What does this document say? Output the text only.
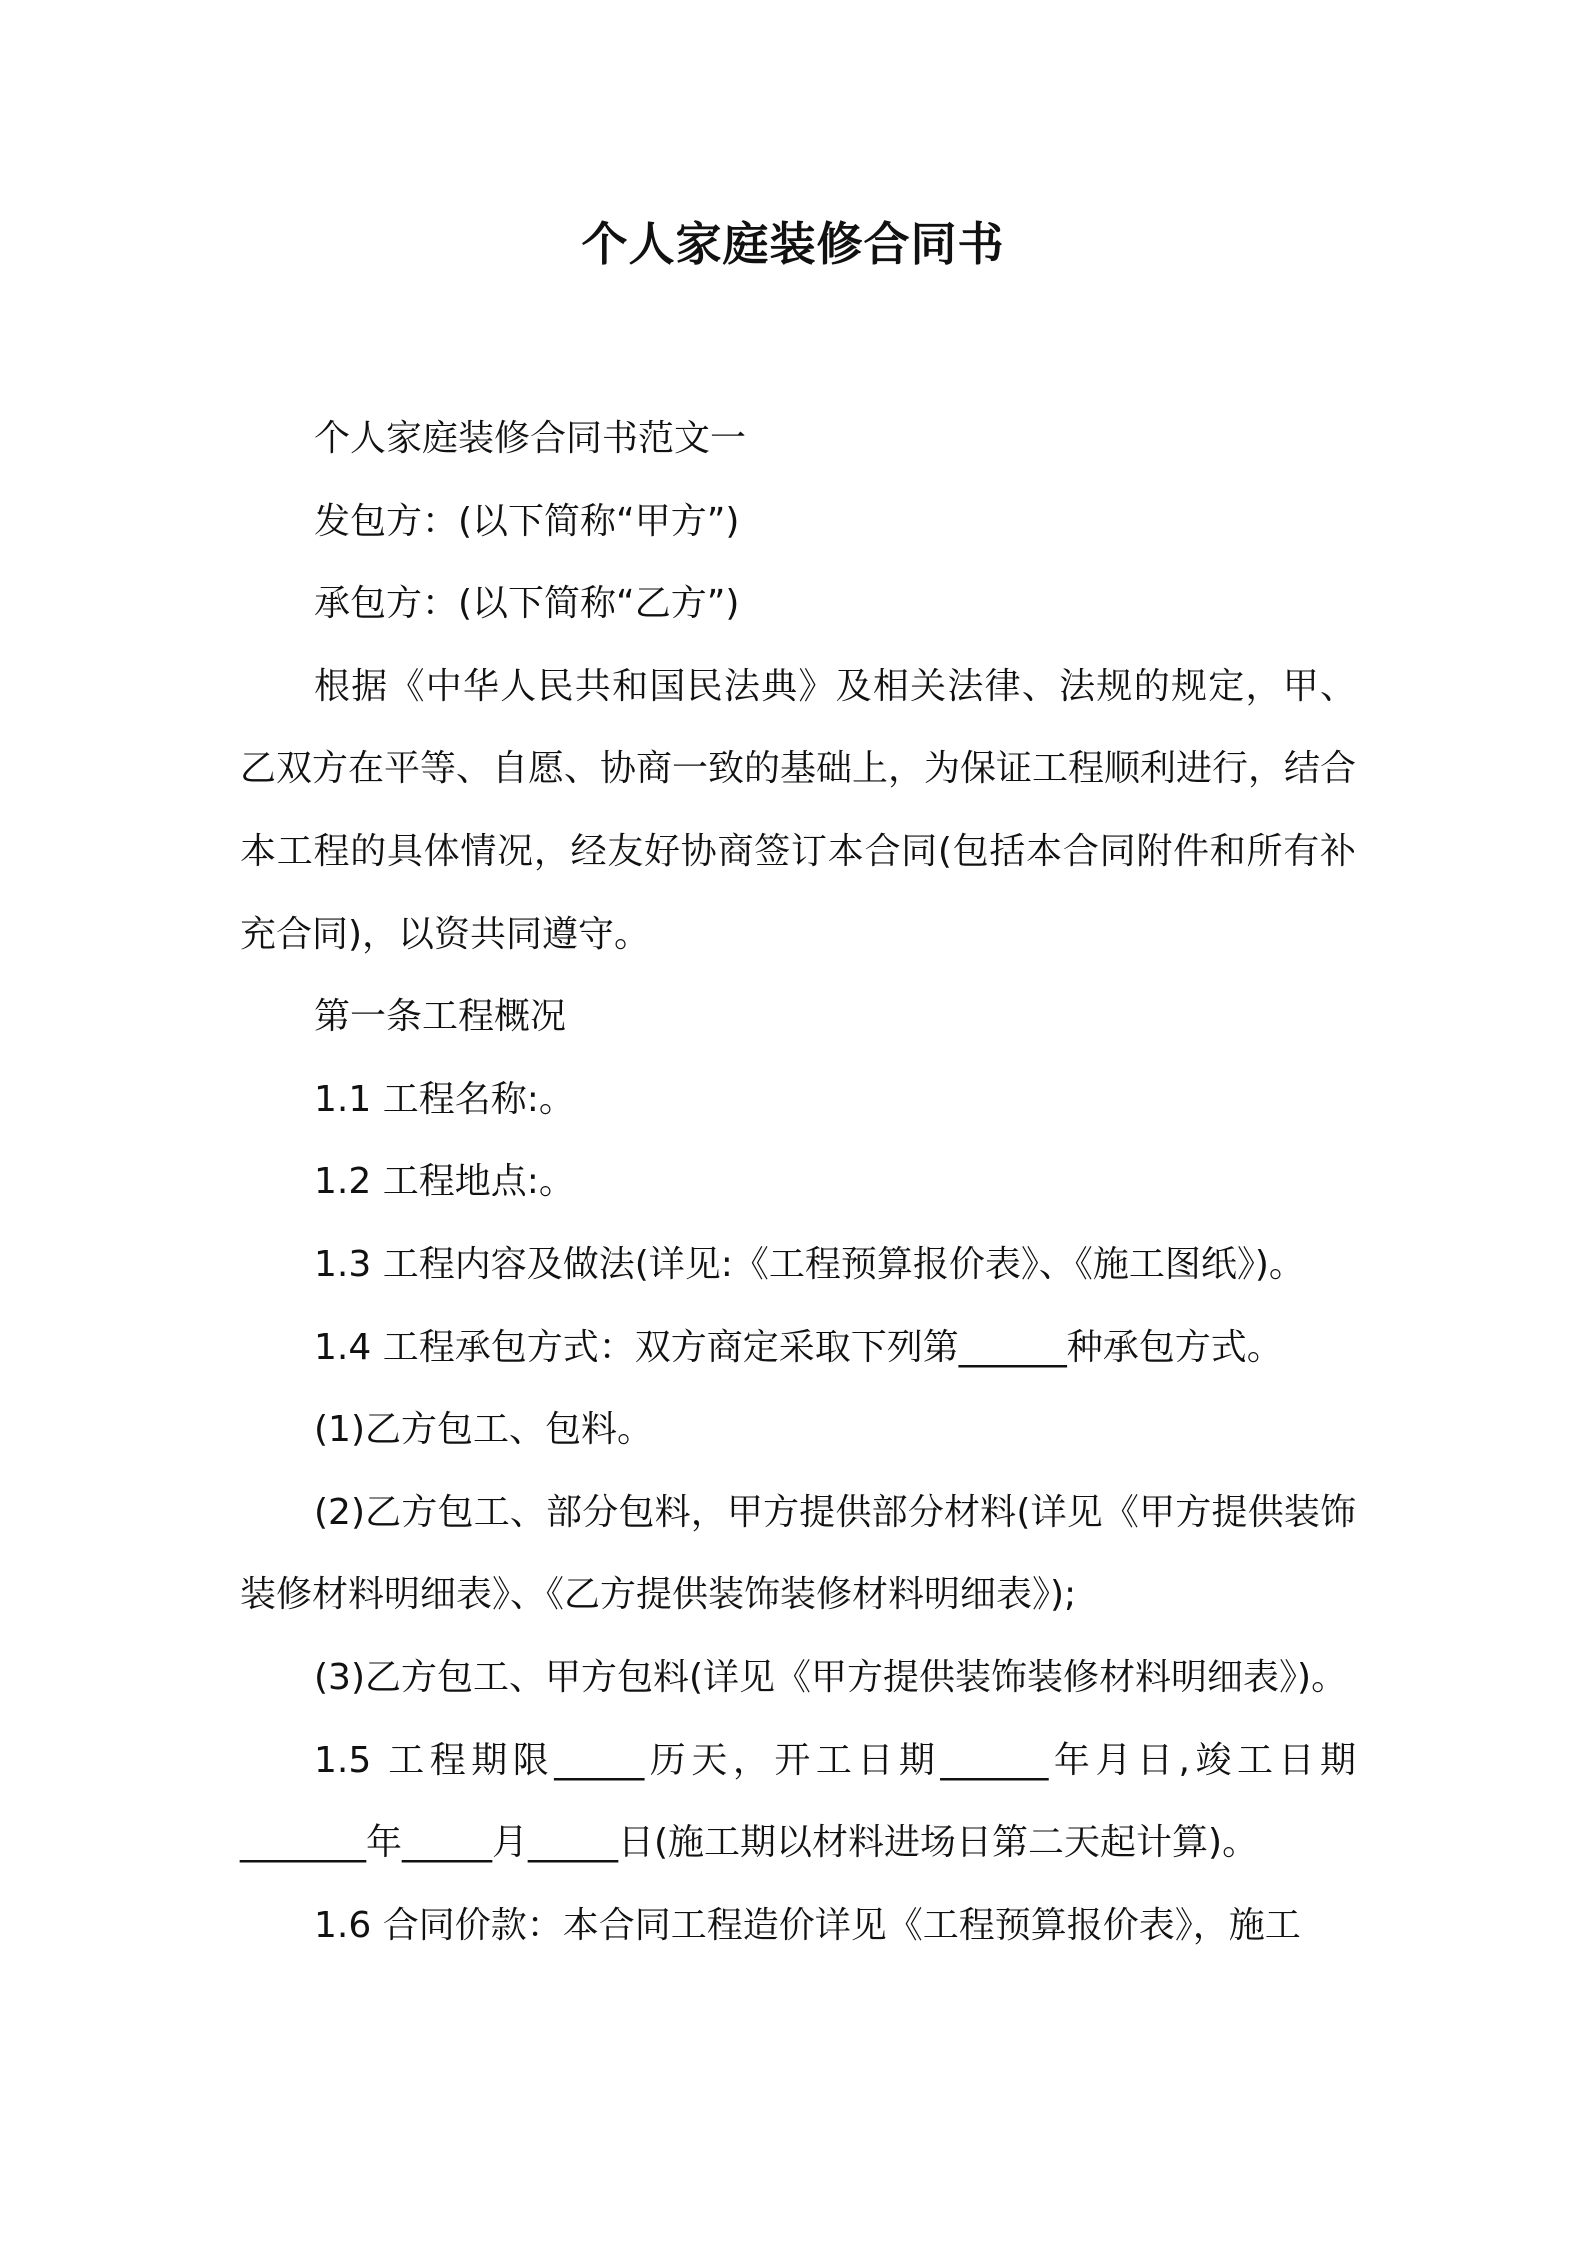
个人家庭装修合同书

个人家庭装修合同书范文一

发包方：(以下简称“甲方”)

承包方：(以下简称“乙方”)

根据《中华人民共和国民法典》及相关法律、法规的规定，甲、乙双方在平等、自愿、协商一致的基础上，为保证工程顺利进行，结合本工程的具体情况，经友好协商签订本合同(包括本合同附件和所有补充合同)，以资共同遵守。

第一条工程概况

1.1 工程名称:。

1.2 工程地点:。

1.3 工程内容及做法(详见:《工程预算报价表》、《施工图纸》)。

1.4 工程承包方式：双方商定采取下列第______种承包方式。

(1)乙方包工、包料。

(2)乙方包工、部分包料，甲方提供部分材料(详见《甲方提供装饰装修材料明细表》、《乙方提供装饰装修材料明细表》);

(3)乙方包工、甲方包料(详见《甲方提供装饰装修材料明细表》)。

1.5 工程期限_____历天，开工日期______年月日,竣工日期_______年_____月_____日(施工期以材料进场日第二天起计算)。

1.6 合同价款：本合同工程造价详见《工程预算报价表》，施工
